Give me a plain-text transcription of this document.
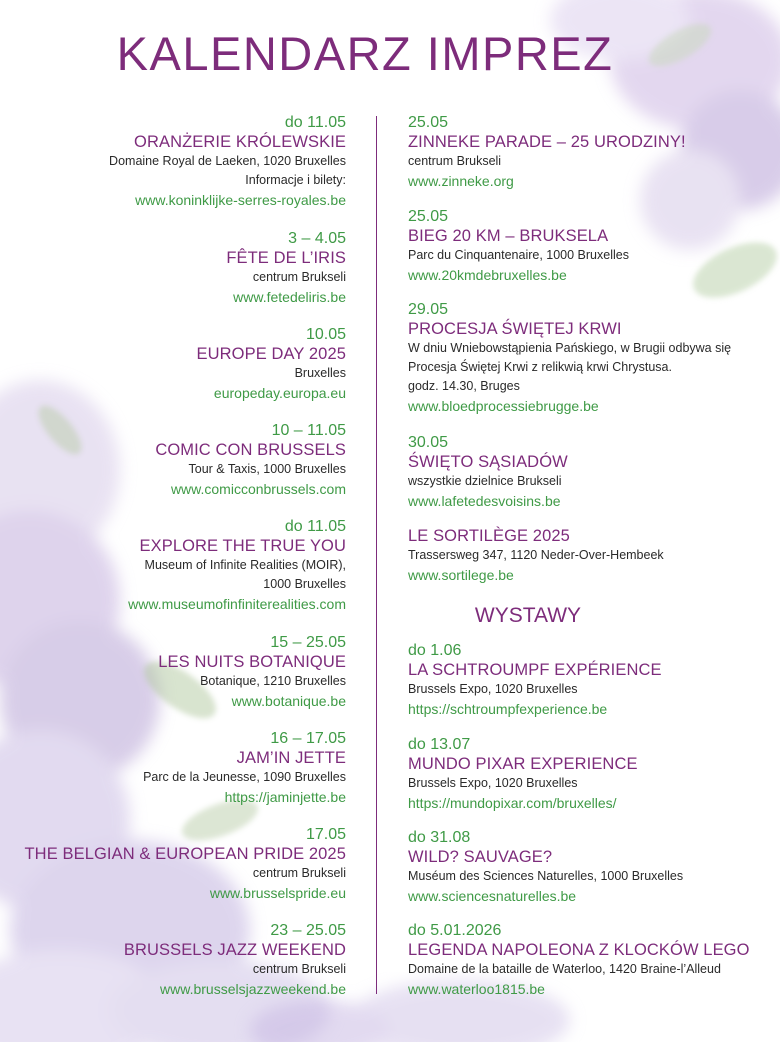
KALENDARZ IMPREZ
do 11.05
ORANŻERIE KRÓLEWSKIE
Domaine Royal de Laeken, 1020 Bruxelles
Informacje i bilety:
www.koninklijke-serres-royales.be
3 – 4.05
FÊTE DE L’IRIS
centrum Brukseli
www.fetedeliris.be
10.05
EUROPE DAY 2025
Bruxelles
europeday.europa.eu
10 – 11.05
COMIC CON BRUSSELS
Tour & Taxis, 1000 Bruxelles
www.comicconbrussels.com
do 11.05
EXPLORE THE TRUE YOU
Museum of Infinite Realities (MOIR),
1000 Bruxelles
www.museumofinfiniterealities.com
15 – 25.05
LES NUITS BOTANIQUE
Botanique, 1210 Bruxelles
www.botanique.be
16 – 17.05
JAM’IN JETTE
Parc de la Jeunesse, 1090 Bruxelles
https://jaminjette.be
17.05
THE BELGIAN & EUROPEAN PRIDE 2025
centrum Brukseli
www.brusselspride.eu
23 – 25.05
BRUSSELS JAZZ WEEKEND
centrum Brukseli
www.brusselsjazzweekend.be
25.05
ZINNEKE PARADE – 25 URODZINY!
centrum Brukseli
www.zinneke.org
25.05
BIEG 20 KM – BRUKSELA
Parc du Cinquantenaire, 1000 Bruxelles
www.20kmdebruxelles.be
29.05
PROCESJA ŚWIĘTEJ KRWI
W dniu Wniebowstąpienia Pańskiego, w Brugii odbywa się
Procesja Świętej Krwi z relikwią krwi Chrystusa.
godz. 14.30, Bruges
www.bloedprocessiebrugge.be
30.05
ŚWIĘTO SĄSIADÓW
wszystkie dzielnice Brukseli
www.lafetedesvoisins.be
LE SORTILÈGE 2025
Trassersweg 347, 1120 Neder-Over-Hembeek
www.sortilege.be
do 1.06
LA SCHTROUMPF EXPÉRIENCE
Brussels Expo, 1020 Bruxelles
https://schtroumpfexperience.be
do 13.07
MUNDO PIXAR EXPERIENCE
Brussels Expo, 1020 Bruxelles
https://mundopixar.com/bruxelles/
do 31.08
WILD? SAUVAGE?
Muséum des Sciences Naturelles, 1000 Bruxelles
www.sciencesnaturelles.be
do 5.01.2026
LEGENDA NAPOLEONA Z KLOCKÓW LEGO
Domaine de la bataille de Waterloo, 1420 Braine-l’Alleud
www.waterloo1815.be
WYSTAWY
